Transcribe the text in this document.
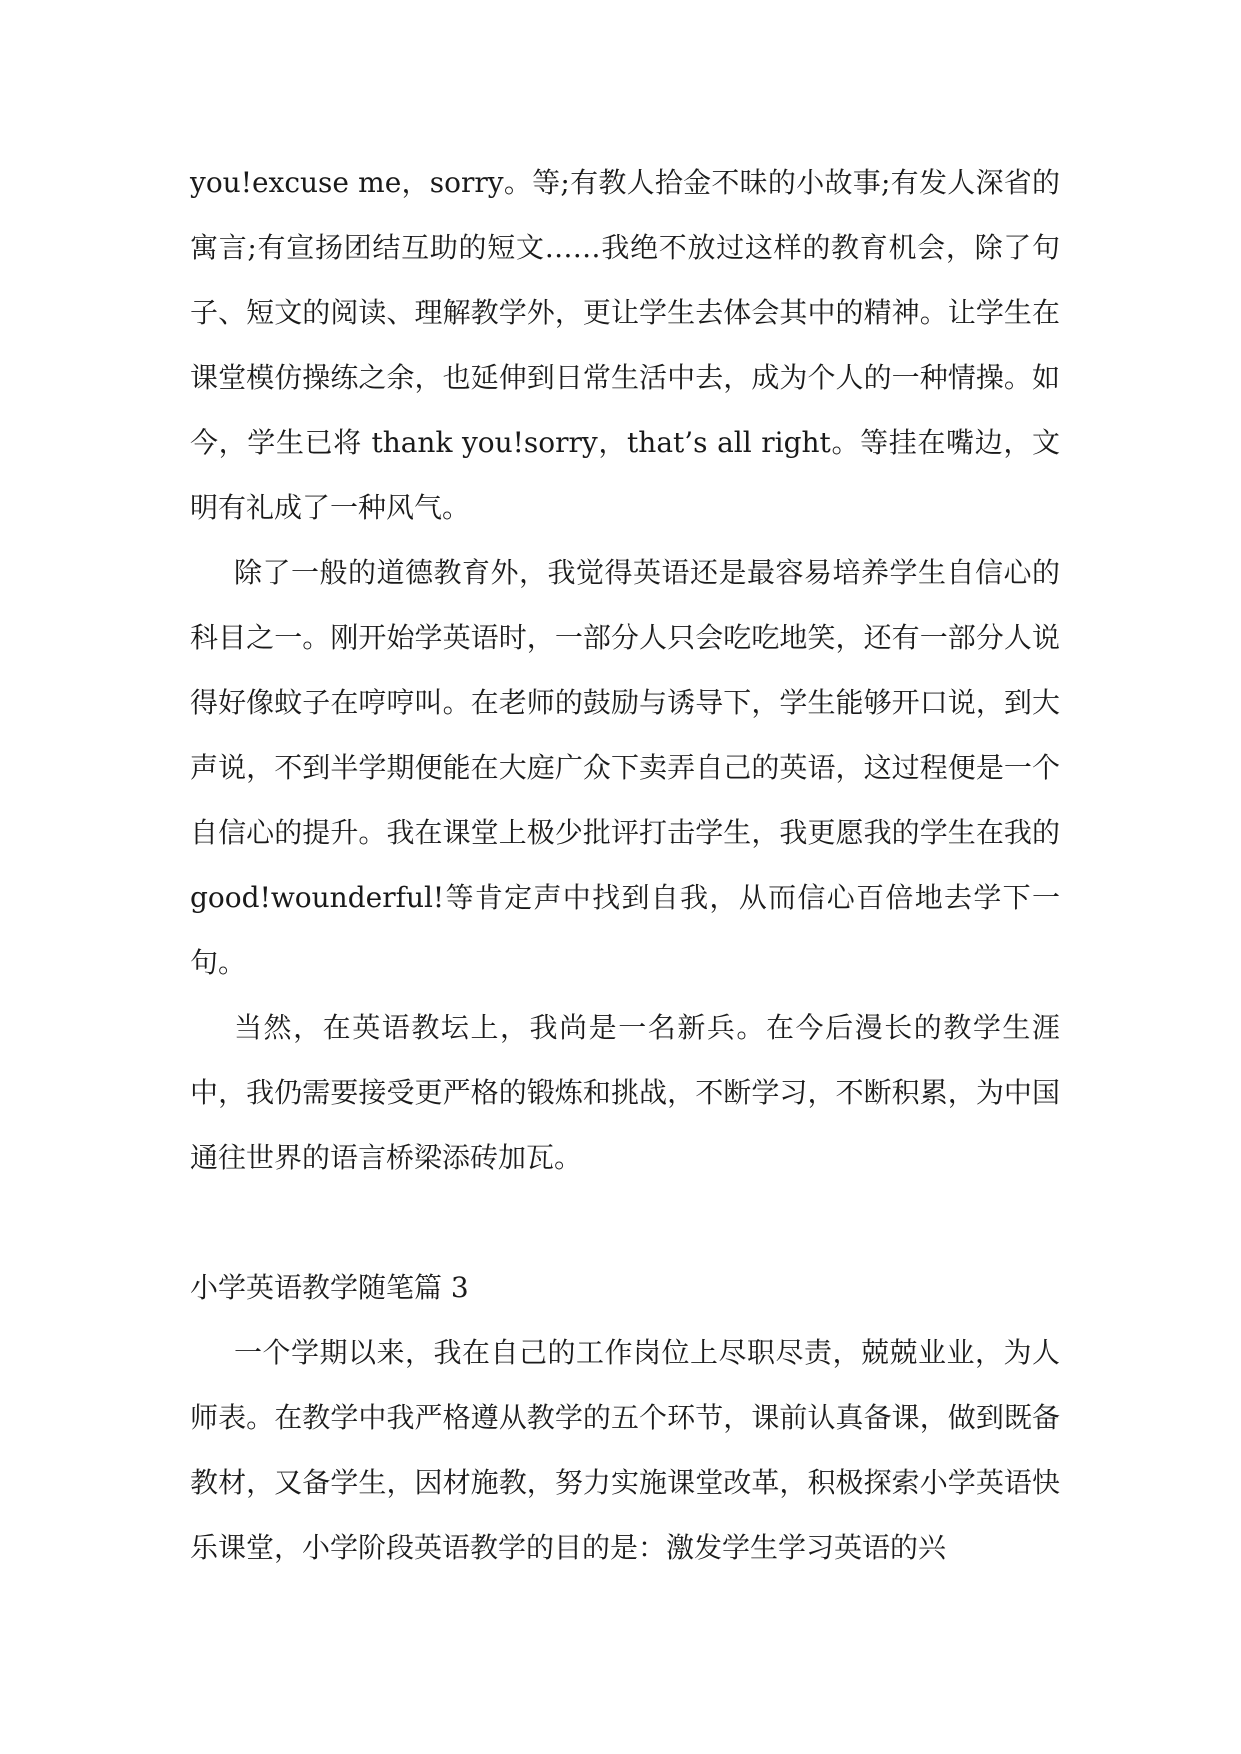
you!excuse me，sorry。等;有教人拾金不昧的小故事;有发人深省的寓言;有宣扬团结互助的短文……我绝不放过这样的教育机会，除了句子、短文的阅读、理解教学外，更让学生去体会其中的精神。让学生在课堂模仿操练之余，也延伸到日常生活中去，成为个人的一种情操。如今，学生已将 thank you!sorry，that’s all right。等挂在嘴边，文明有礼成了一种风气。

除了一般的道德教育外，我觉得英语还是最容易培养学生自信心的科目之一。刚开始学英语时，一部分人只会吃吃地笑，还有一部分人说得好像蚊子在哼哼叫。在老师的鼓励与诱导下，学生能够开口说，到大声说，不到半学期便能在大庭广众下卖弄自己的英语，这过程便是一个自信心的提升。我在课堂上极少批评打击学生，我更愿我的学生在我的 good!wounderful!等肯定声中找到自我，从而信心百倍地去学下一句。

当然，在英语教坛上，我尚是一名新兵。在今后漫长的教学生涯中，我仍需要接受更严格的锻炼和挑战，不断学习，不断积累，为中国通往世界的语言桥梁添砖加瓦。

小学英语教学随笔篇 3

一个学期以来，我在自己的工作岗位上尽职尽责，兢兢业业，为人师表。在教学中我严格遵从教学的五个环节，课前认真备课，做到既备教材，又备学生，因材施教，努力实施课堂改革，积极探索小学英语快乐课堂，小学阶段英语教学的目的是：激发学生学习英语的兴
